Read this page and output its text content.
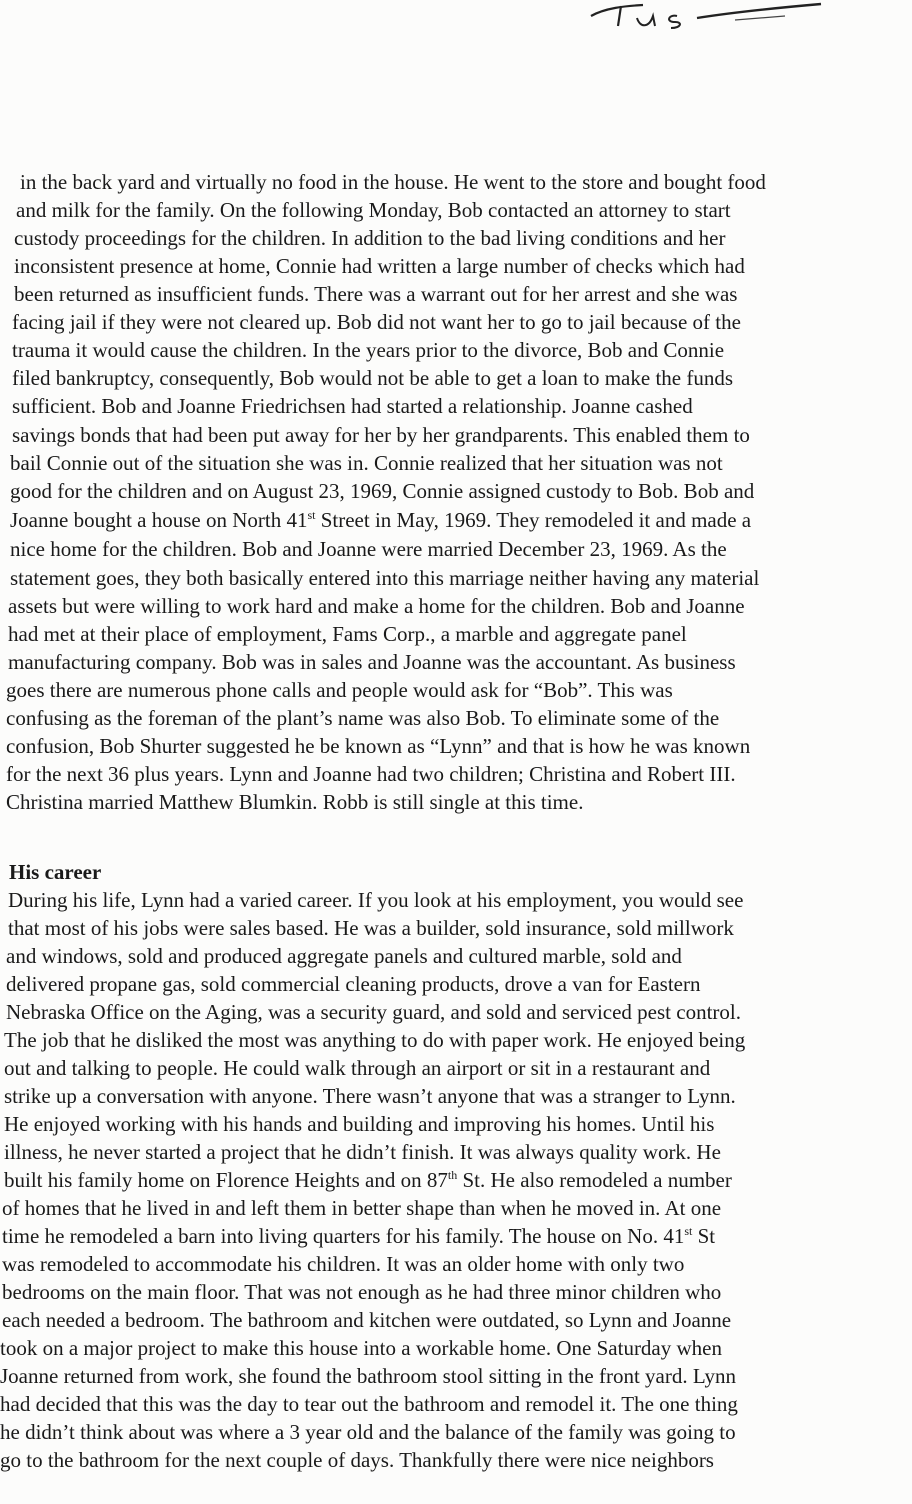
in the back yard and virtually no food in the house. He went to the store and bought food
and milk for the family. On the following Monday, Bob contacted an attorney to start
custody proceedings for the children. In addition to the bad living conditions and her
inconsistent presence at home, Connie had written a large number of checks which had
been returned as insufficient funds. There was a warrant out for her arrest and she was
facing jail if they were not cleared up. Bob did not want her to go to jail because of the
trauma it would cause the children. In the years prior to the divorce, Bob and Connie
filed bankruptcy, consequently, Bob would not be able to get a loan to make the funds
sufficient. Bob and Joanne Friedrichsen had started a relationship. Joanne cashed
savings bonds that had been put away for her by her grandparents. This enabled them to
bail Connie out of the situation she was in. Connie realized that her situation was not
good for the children and on August 23, 1969, Connie assigned custody to Bob. Bob and
Joanne bought a house on North 41st Street in May, 1969. They remodeled it and made a
nice home for the children. Bob and Joanne were married December 23, 1969. As the
statement goes, they both basically entered into this marriage neither having any material
assets but were willing to work hard and make a home for the children. Bob and Joanne
had met at their place of employment, Fams Corp., a marble and aggregate panel
manufacturing company. Bob was in sales and Joanne was the accountant. As business
goes there are numerous phone calls and people would ask for “Bob”. This was
confusing as the foreman of the plant’s name was also Bob. To eliminate some of the
confusion, Bob Shurter suggested he be known as “Lynn” and that is how he was known
for the next 36 plus years. Lynn and Joanne had two children; Christina and Robert III.
Christina married Matthew Blumkin. Robb is still single at this time.
His career
During his life, Lynn had a varied career. If you look at his employment, you would see
that most of his jobs were sales based. He was a builder, sold insurance, sold millwork
and windows, sold and produced aggregate panels and cultured marble, sold and
delivered propane gas, sold commercial cleaning products, drove a van for Eastern
Nebraska Office on the Aging, was a security guard, and sold and serviced pest control.
The job that he disliked the most was anything to do with paper work. He enjoyed being
out and talking to people. He could walk through an airport or sit in a restaurant and
strike up a conversation with anyone. There wasn’t anyone that was a stranger to Lynn.
He enjoyed working with his hands and building and improving his homes. Until his
illness, he never started a project that he didn’t finish. It was always quality work. He
built his family home on Florence Heights and on 87th St. He also remodeled a number
of homes that he lived in and left them in better shape than when he moved in. At one
time he remodeled a barn into living quarters for his family. The house on No. 41st St
was remodeled to accommodate his children. It was an older home with only two
bedrooms on the main floor. That was not enough as he had three minor children who
each needed a bedroom. The bathroom and kitchen were outdated, so Lynn and Joanne
took on a major project to make this house into a workable home. One Saturday when
Joanne returned from work, she found the bathroom stool sitting in the front yard. Lynn
had decided that this was the day to tear out the bathroom and remodel it. The one thing
he didn’t think about was where a 3 year old and the balance of the family was going to
go to the bathroom for the next couple of days. Thankfully there were nice neighbors
